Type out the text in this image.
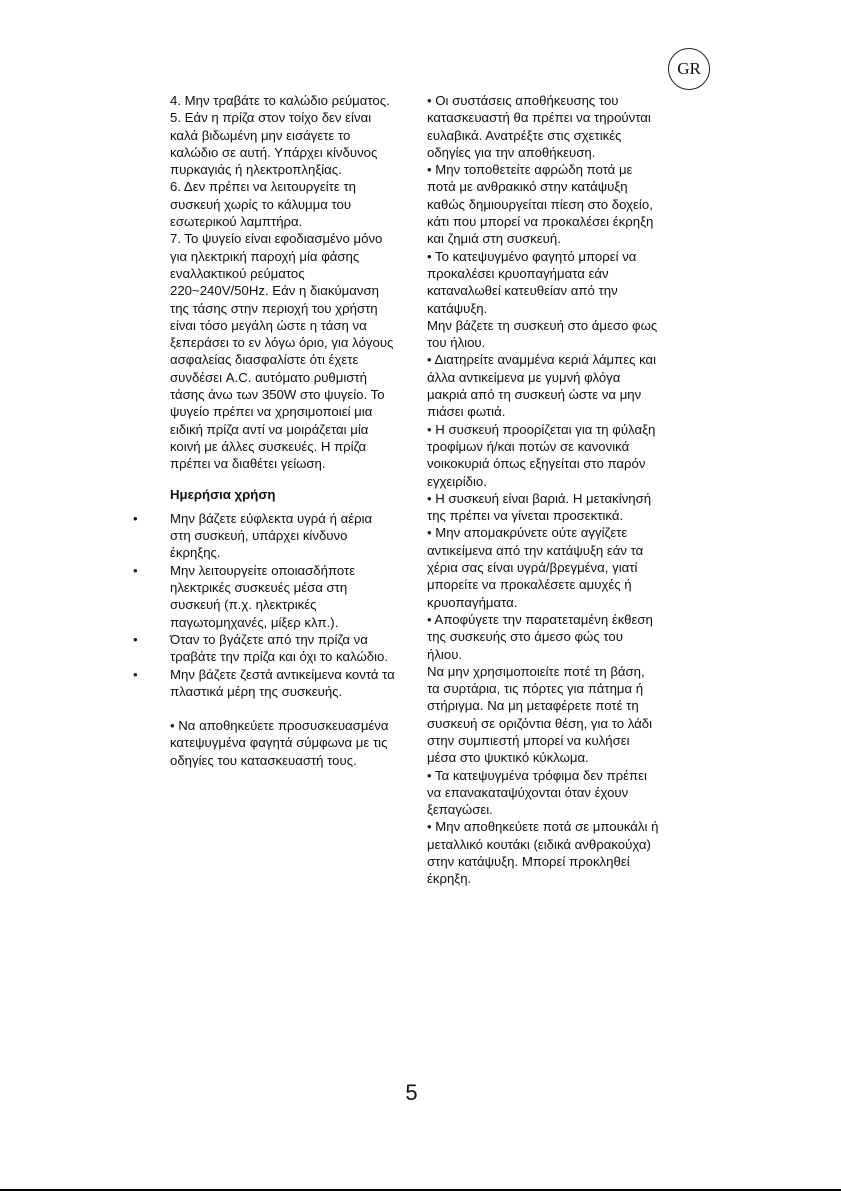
GR

4. Μην τραβάτε το καλώδιο ρεύματος.

5. Εάν η πρίζα στον τοίχο δεν είναι καλά βιδωμένη μην εισάγετε το καλώδιο σε αυτή. Υπάρχει κίνδυνος πυρκαγιάς ή ηλεκτροπληξίας.

6. Δεν πρέπει να λειτουργείτε τη συσκευή χωρίς το κάλυμμα του εσωτερικού λαμπτήρα.

7. Το ψυγείο είναι εφοδιασμένο μόνο για ηλεκτρική παροχή μία φάσης εναλλακτικού ρεύματος 220~240V/50Hz. Εάν η διακύμανση της τάσης στην περιοχή του χρήστη είναι τόσο μεγάλη ώστε η τάση να ξεπεράσει το εν λόγω όριο, για λόγους ασφαλείας διασφαλίστε ότι έχετε συνδέσει A.C. αυτόματο ρυθμιστή τάσης άνω των 350W στο ψυγείο. Το ψυγείο πρέπει να χρησιμοποιεί μια ειδική πρίζα αντί να μοιράζεται μία κοινή με άλλες συσκευές. Η πρίζα πρέπει να διαθέτει γείωση.

Ημερήσια χρήση

• Μην βάζετε εύφλεκτα υγρά ή αέρια στη συσκευή, υπάρχει κίνδυνο έκρηξης.
• Μην λειτουργείτε οποιασδήποτε ηλεκτρικές συσκευές μέσα στη συσκευή (π.χ. ηλεκτρικές παγωτομηχανές, μίξερ κλπ.).
• Όταν το βγάζετε από την πρίζα να τραβάτε την πρίζα και όχι το καλώδιο.
• Μην βάζετε ζεστά αντικείμενα κοντά τα πλαστικά μέρη της συσκευής.

• Να αποθηκεύετε προσυσκευασμένα κατεψυγμένα φαγητά σύμφωνα με τις οδηγίες του κατασκευαστή τους.

• Οι συστάσεις αποθήκευσης του κατασκευαστή θα πρέπει να τηρούνται ευλαβικά. Ανατρέξτε στις σχετικές οδηγίες για την αποθήκευση.

• Μην τοποθετείτε αφρώδη ποτά με ποτά με ανθρακικό στην κατάψυξη καθώς δημιουργείται πίεση στο δοχείο, κάτι που μπορεί να προκαλέσει έκρηξη και ζημιά στη συσκευή.

• Το κατεψυγμένο φαγητό μπορεί να προκαλέσει κρυοπαγήματα εάν καταναλωθεί κατευθείαν από την κατάψυξη.

Μην βάζετε τη συσκευή στο άμεσο φως του ήλιου.

• Διατηρείτε αναμμένα κεριά λάμπες και άλλα αντικείμενα με γυμνή φλόγα μακριά από τη συσκευή ώστε να μην πιάσει φωτιά.

• Η συσκευή προορίζεται για τη φύλαξη τροφίμων ή/και ποτών σε κανονικά νοικοκυριά όπως εξηγείται στο παρόν εγχειρίδιο.

• Η συσκευή είναι βαριά. Η μετακίνησή της πρέπει να γίνεται προσεκτικά.

• Μην απομακρύνετε ούτε αγγίζετε αντικείμενα από την κατάψυξη εάν τα χέρια σας είναι υγρά/βρεγμένα, γιατί μπορείτε να προκαλέσετε αμυχές ή κρυοπαγήματα.

• Αποφύγετε την παρατεταμένη έκθεση της συσκευής στο άμεσο φώς του ήλιου.

Να μην χρησιμοποιείτε ποτέ τη βάση, τα συρτάρια, τις πόρτες για πάτημα ή στήριγμα. Να μη μεταφέρετε ποτέ τη συσκευή σε οριζόντια θέση, για το λάδι στην συμπιεστή μπορεί να κυλήσει μέσα στο ψυκτικό κύκλωμα.

• Τα κατεψυγμένα τρόφιμα δεν πρέπει να επανακαταψύχονται όταν έχουν ξεπαγώσει.

• Μην αποθηκεύετε ποτά σε μπουκάλι ή μεταλλικό κουτάκι (ειδικά ανθρακούχα) στην κατάψυξη. Μπορεί προκληθεί έκρηξη.

5
